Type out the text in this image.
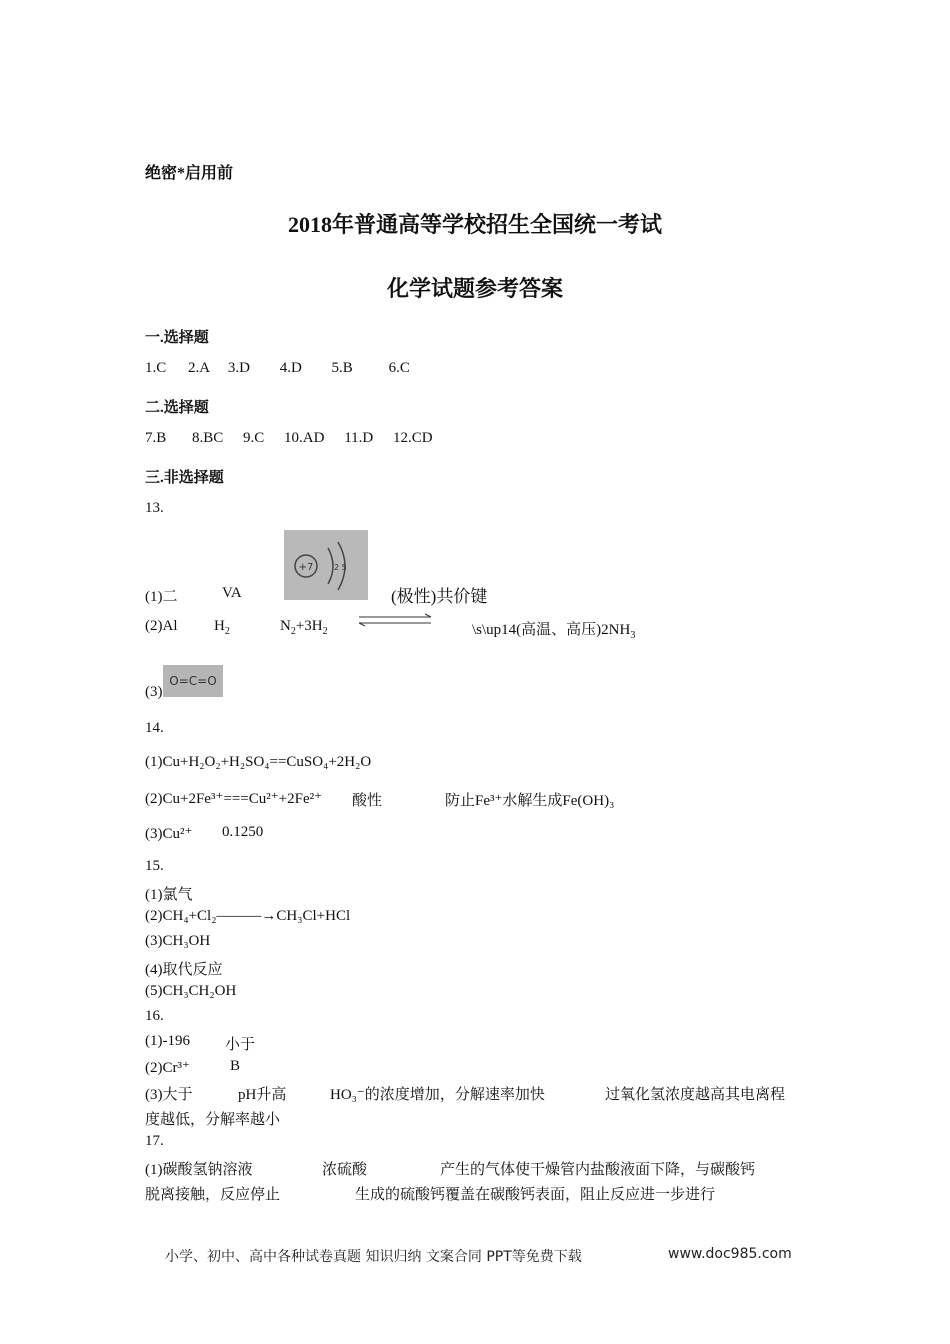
绝密*启用前
2018年普通高等学校招生全国统一考试
化学试题参考答案
一.选择题
1.C 2.A 3.D 4.D 5.B 6.C
二.选择题
7.B 8.BC 9.C 10.AD 11.D 12.CD
三.非选择题
13.
+7	2 5
(1)二	VA	(极性)共价键
(2)Al $H_2$	$N_2+3H_2$	\s\up14(高温、高压)$2NH_3$
(3)
O=C=O
14.
(1)Cu+H₂O₂+H₂SO₄==CuSO₄+2H₂O
(2)Cu+2Fe³⁺===Cu²⁺+2Fe²⁺ 酸性	防止Fe³⁺水解生成Fe(OH)₃
(3)Cu²⁺ 0.1250
15.
(1)氯气
(2)CH₄+Cl₂———→CH₃Cl+HCl
(3)CH₃OH
(4)取代反应
(5)CH₃CH₂OH
16.
(1)-196 小于
(2)Cr³⁺	B
(3)大于	pH升高	HO₃⁻的浓度增加，分解速率加快	过氧化氢浓度越高其电离程
度越低，分解率越小
17.
(1)碳酸氢钠溶液	浓硫酸	产生的气体使干燥管内盐酸液面下降，与碳酸钙
脱离接触，反应停止	生成的硫酸钙覆盖在碳酸钙表面，阻止反应进一步进行
小学、初中、高中各种试卷真题 知识归纳 文案合同 PPT等免费下载	www.doc985.com
